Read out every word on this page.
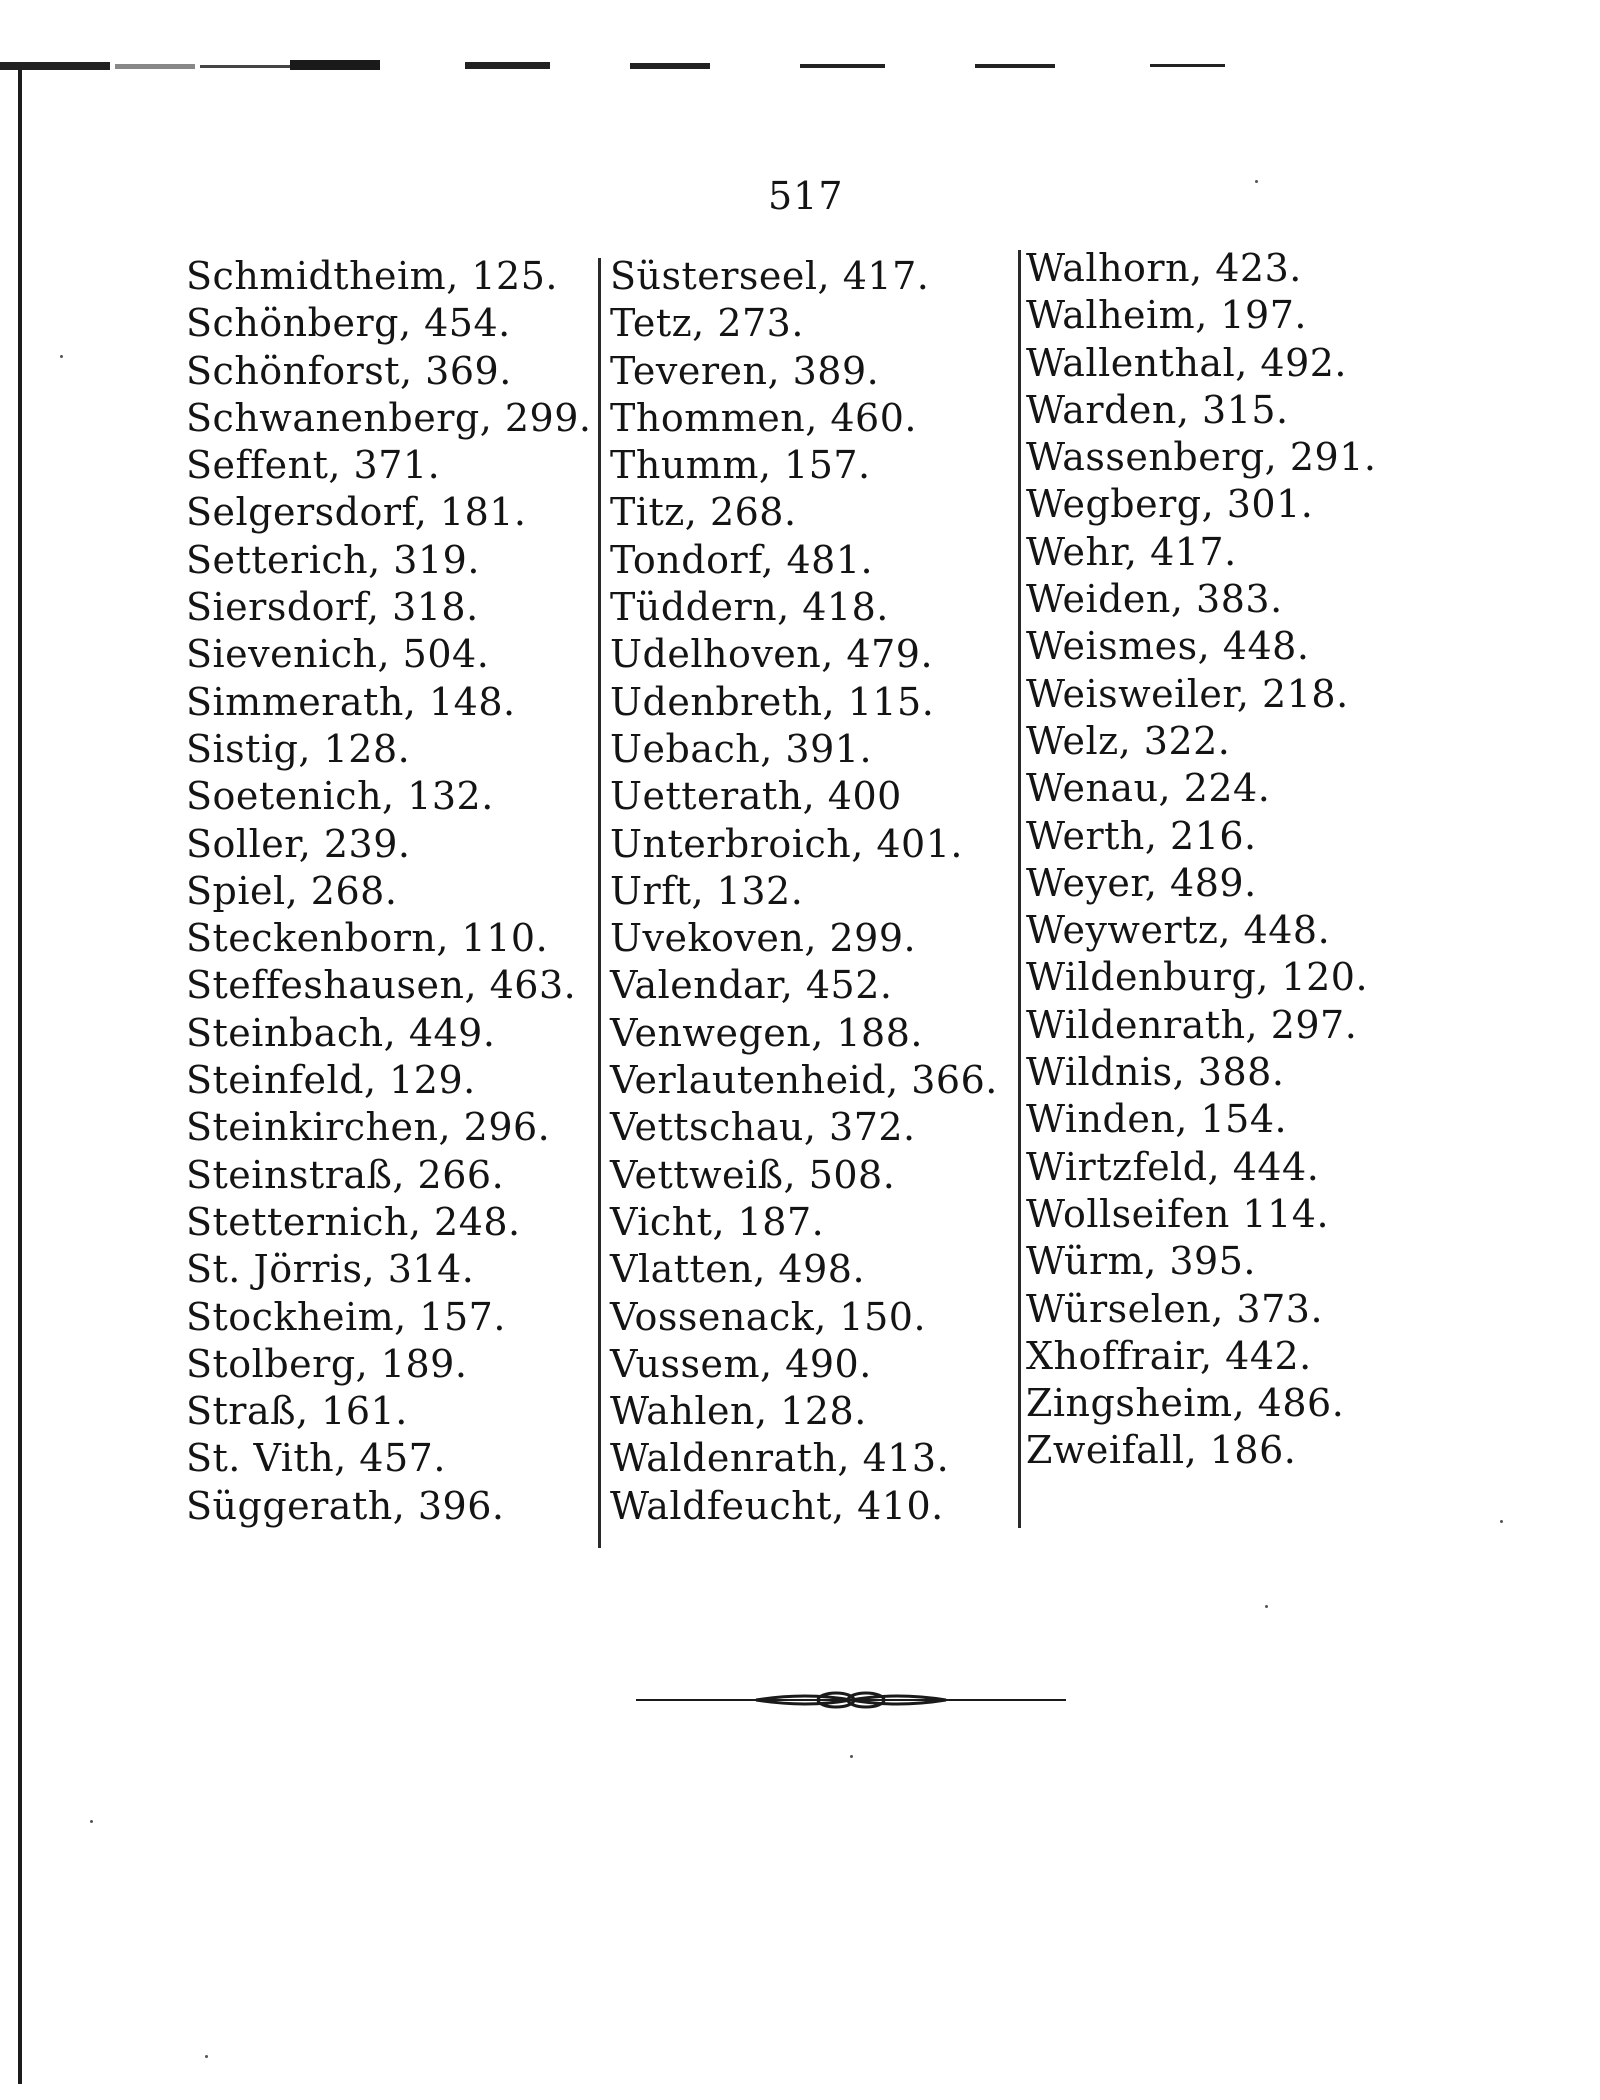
517
Schmidtheim, 125.
Schönberg, 454.
Schönforst, 369.
Schwanenberg, 299.
Seffent, 371.
Selgersdorf, 181.
Setterich, 319.
Siersdorf, 318.
Sievenich, 504.
Simmerath, 148.
Sistig, 128.
Soetenich, 132.
Soller, 239.
Spiel, 268.
Steckenborn, 110.
Steffeshausen, 463.
Steinbach, 449.
Steinfeld, 129.
Steinkirchen, 296.
Steinstraß, 266.
Stetternich, 248.
St. Jörris, 314.
Stockheim, 157.
Stolberg, 189.
Straß, 161.
St. Vith, 457.
Süggerath, 396.
Süsterseel, 417.
Tetz, 273.
Teveren, 389.
Thommen, 460.
Thumm, 157.
Titz, 268.
Tondorf, 481.
Tüddern, 418.
Udelhoven, 479.
Udenbreth, 115.
Uebach, 391.
Uetterath, 400
Unterbroich, 401.
Urft, 132.
Uvekoven, 299.
Valendar, 452.
Venwegen, 188.
Verlautenheid, 366.
Vettschau, 372.
Vettweiß, 508.
Vicht, 187.
Vlatten, 498.
Vossenack, 150.
Vussem, 490.
Wahlen, 128.
Waldenrath, 413.
Waldfeucht, 410.
Walhorn, 423.
Walheim, 197.
Wallenthal, 492.
Warden, 315.
Wassenberg, 291.
Wegberg, 301.
Wehr, 417.
Weiden, 383.
Weismes, 448.
Weisweiler, 218.
Welz, 322.
Wenau, 224.
Werth, 216.
Weyer, 489.
Weywertz, 448.
Wildenburg, 120.
Wildenrath, 297.
Wildnis, 388.
Winden, 154.
Wirtzfeld, 444.
Wollseifen 114.
Würm, 395.
Würselen, 373.
Xhoffrair, 442.
Zingsheim, 486.
Zweifall, 186.
